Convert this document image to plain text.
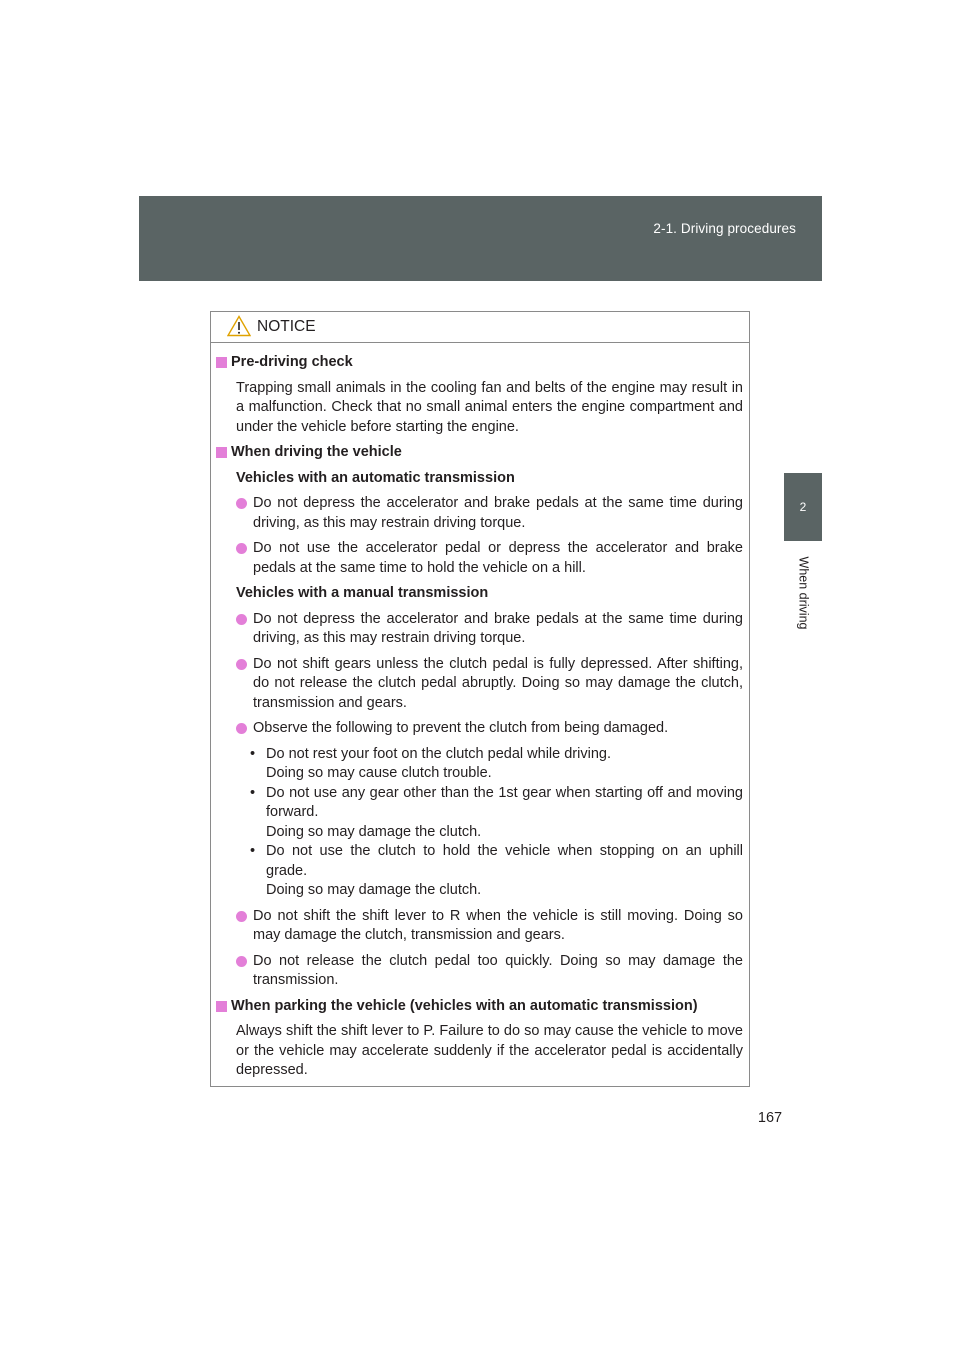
2-1. Driving procedures
2
When driving
NOTICE
Pre-driving check
Trapping small animals in the cooling fan and belts of the engine may result in a malfunction. Check that no small animal enters the engine compartment and under the vehicle before starting the engine.
When driving the vehicle
Vehicles with an automatic transmission
Do not depress the accelerator and brake pedals at the same time during driving, as this may restrain driving torque.
Do not use the accelerator pedal or depress the accelerator and brake pedals at the same time to hold the vehicle on a hill.
Vehicles with a manual transmission
Do not depress the accelerator and brake pedals at the same time during driving, as this may restrain driving torque.
Do not shift gears unless the clutch pedal is fully depressed. After shifting, do not release the clutch pedal abruptly. Doing so may damage the clutch, transmission and gears.
Observe the following to prevent the clutch from being damaged.
• Do not rest your foot on the clutch pedal while driving.
Doing so may cause clutch trouble.
• Do not use any gear other than the 1st gear when starting off and moving forward.
Doing so may damage the clutch.
• Do not use the clutch to hold the vehicle when stopping on an uphill grade.
Doing so may damage the clutch.
Do not shift the shift lever to R when the vehicle is still moving. Doing so may damage the clutch, transmission and gears.
Do not release the clutch pedal too quickly. Doing so may damage the transmission.
When parking the vehicle (vehicles with an automatic transmission)
Always shift the shift lever to P. Failure to do so may cause the vehicle to move or the vehicle may accelerate suddenly if the accelerator pedal is accidentally depressed.
167
